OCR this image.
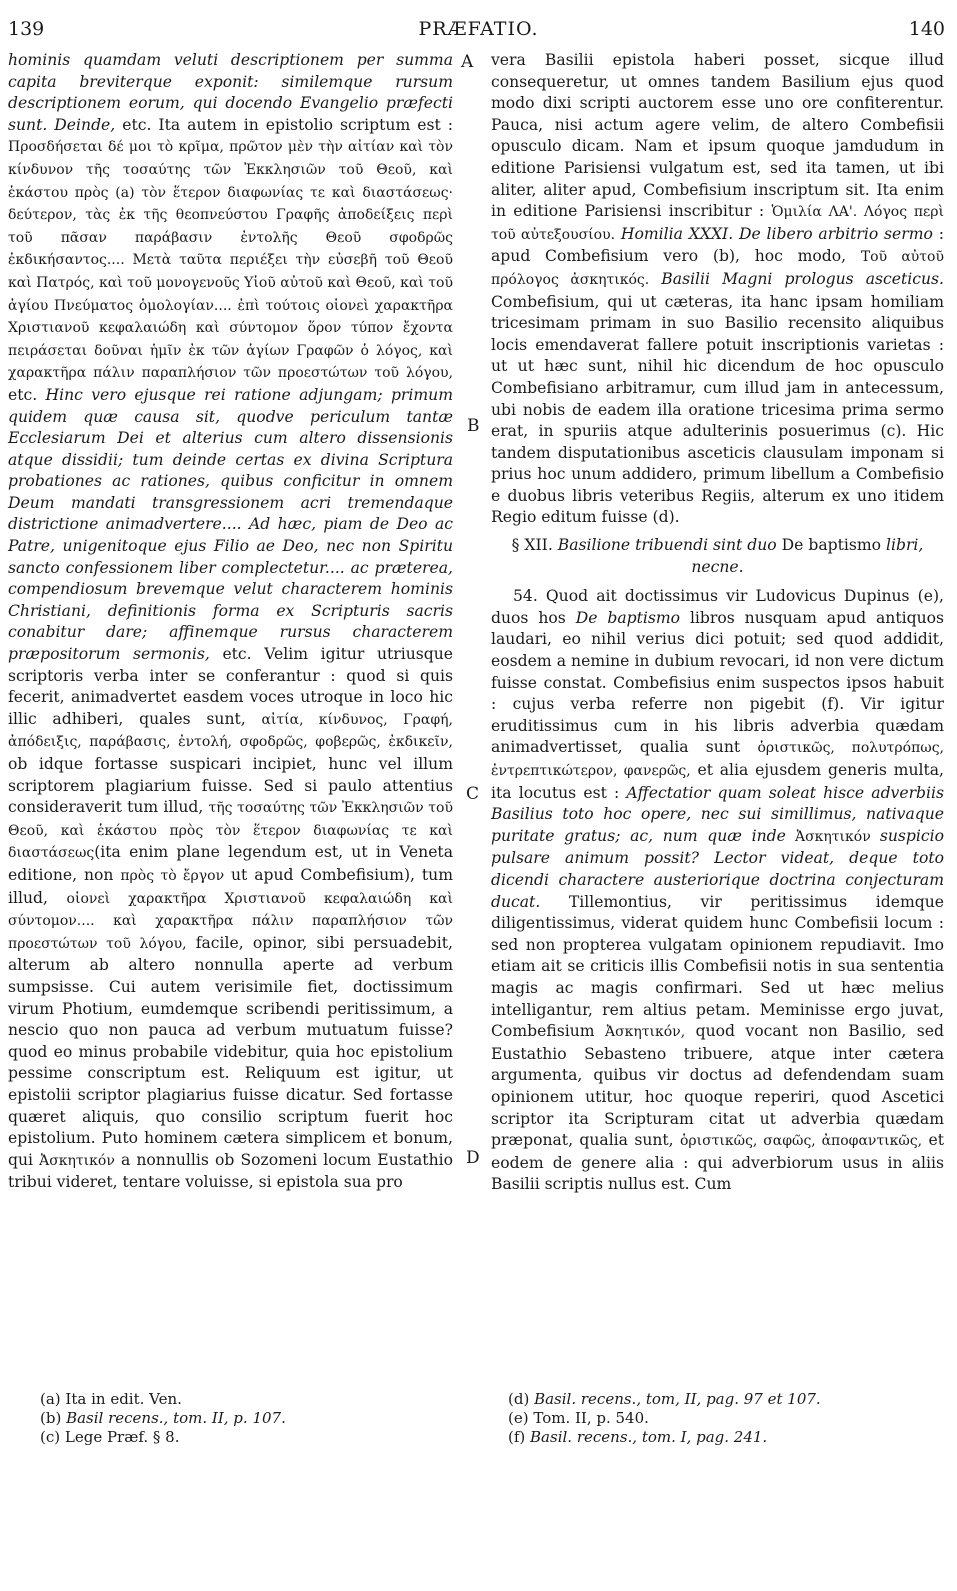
139	PRÆFATIO.	140
A
B
C
D

hominis quamdam veluti descriptionem per summa capita breviterque exponit: similemque rursum descriptionem eorum, qui docendo Evangelio præfecti sunt. Deinde, etc. Ita autem in epistolio scriptum est : Προσδήσεται δέ μοι τὸ κρῖμα, πρῶτον μὲν τὴν αἰτίαν καὶ τὸν κίνδυνον τῆς τοσαύτης τῶν Ἐκκλησιῶν τοῦ Θεοῦ, καὶ ἑκάστου πρὸς (a) τὸν ἕτερον διαφωνίας τε καὶ διαστάσεως· δεύτερον, τὰς ἐκ τῆς θεοπνεύστου Γραφῆς ἀποδείξεις περὶ τοῦ πᾶσαν παράβασιν ἐντολῆς Θεοῦ σφοδρῶς ἐκδικήσαντος.... Μετὰ ταῦτα περιέξει τὴν εὐσεβῆ τοῦ Θεοῦ καὶ Πατρός, καὶ τοῦ μονογενοῦς Υἱοῦ αὐτοῦ καὶ Θεοῦ, καὶ τοῦ ἁγίου Πνεύματος ὁμολογίαν.... ἐπὶ τούτοις οἱονεὶ χαρακτῆρα Χριστιανοῦ κεφαλαιώδη καὶ σύντομον ὅρον τύπον ἔχοντα πειράσεται δοῦναι ἡμῖν ἐκ τῶν ἁγίων Γραφῶν ὁ λόγος, καὶ χαρακτῆρα πάλιν παραπλήσιον τῶν προεστώτων τοῦ λόγου, etc. Hinc vero ejusque rei ratione adjungam; primum quidem quæ causa sit, quodve periculum tantæ Ecclesiarum Dei et alterius cum altero dissensionis atque dissidii; tum deinde certas ex divina Scriptura probationes ac rationes, quibus conficitur in omnem Deum mandati transgressionem acri tremendaque districtione animadvertere.... Ad hæc, piam de Deo ac Patre, unigenitoque ejus Filio ae Deo, nec non Spiritu sancto confessionem liber complectetur.... ac præterea, compendiosum brevemque velut characterem hominis Christiani, definitionis forma ex Scripturis sacris conabitur dare; affinemque rursus characterem præpositorum sermonis, etc. Velim igitur utriusque scriptoris verba inter se conferantur : quod si quis fecerit, animadvertet easdem voces utroque in loco hic illic adhiberi, quales sunt, αἰτία, κίνδυνος, Γραφή, ἀπόδειξις, παράβασις, ἐντολή, σφοδρῶς, φοβερῶς, ἐκδικεῖν, ob idque fortasse suspicari incipiet, hunc vel illum scriptorem plagiarium fuisse. Sed si paulo attentius consideraverit tum illud, τῆς τοσαύτης τῶν Ἐκκλησιῶν τοῦ Θεοῦ, καὶ ἑκάστου πρὸς τὸν ἕτερον διαφωνίας τε καὶ διαστάσεως(ita enim plane legendum est, ut in Veneta editione, non πρὸς τὸ ἔργον ut apud Combefisium), tum illud, οἱονεὶ χαρακτῆρα Χριστιανοῦ κεφαλαιώδη καὶ σύντομον.... καὶ χαρακτῆρα πάλιν παραπλήσιον τῶν προεστώτων τοῦ λόγου, facile, opinor, sibi persuadebit, alterum ab altero nonnulla aperte ad verbum sumpsisse. Cui autem verisimile fiet, doctissimum virum Photium, eumdemque scribendi peritissimum, a nescio quo non pauca ad verbum mutuatum fuisse? quod eo minus probabile videbitur, quia hoc epistolium pessime conscriptum est. Reliquum est igitur, ut epistolii scriptor plagiarius fuisse dicatur. Sed fortasse quæret aliquis, quo consilio scriptum fuerit hoc epistolium. Puto hominem cætera simplicem et bonum, qui Ἀσκητικόν a nonnullis ob Sozomeni locum Eustathio tribui videret, tentare voluisse, si epistola sua pro

vera Basilii epistola haberi posset, sicque illud consequeretur, ut omnes tandem Basilium ejus quod modo dixi scripti auctorem esse uno ore confiterentur. Pauca, nisi actum agere velim, de altero Combefisii opusculo dicam. Nam et ipsum quoque jamdudum in editione Parisiensi vulgatum est, sed ita tamen, ut ibi aliter, aliter apud, Combefisium inscriptum sit. Ita enim in editione Parisiensi inscribitur : Ὁμιλία ΛΑ'. Λόγος περὶ τοῦ αὐτεξουσίου. Homilia XXXI. De libero arbitrio sermo : apud Combefisium vero (b), hoc modo, Τοῦ αὐτοῦ πρόλογος ἀσκητικός. Basilii Magni prologus asceticus. Combefisium, qui ut cæteras, ita hanc ipsam homiliam tricesimam primam in suo Basilio recensito aliquibus locis emendaverat fallere potuit inscriptionis varietas : ut ut hæc sunt, nihil hic dicendum de hoc opusculo Combefisiano arbitramur, cum illud jam in antecessum, ubi nobis de eadem illa oratione tricesima prima sermo erat, in spuriis atque adulterinis posuerimus (c). Hic tandem disputationibus asceticis clausulam imponam si prius hoc unum addidero, primum libellum a Combefisio e duobus libris veteribus Regiis, alterum ex uno itidem Regio editum fuisse (d).

§ XII. Basilione tribuendi sint duo De baptismo libri, necne.

54. Quod ait doctissimus vir Ludovicus Dupinus (e), duos hos De baptismo libros nusquam apud antiquos laudari, eo nihil verius dici potuit; sed quod addidit, eosdem a nemine in dubium revocari, id non vere dictum fuisse constat. Combefisius enim suspectos ipsos habuit : cujus verba referre non pigebit (f). Vir igitur eruditissimus cum in his libris adverbia quædam animadvertisset, qualia sunt ὁριστικῶς, πολυτρόπως, ἐντρεπτικώτερον, φανερῶς, et alia ejusdem generis multa, ita locutus est : Affectatior quam soleat hisce adverbiis Basilius toto hoc opere, nec sui simillimus, nativaque puritate gratus; ac, num quæ inde Ἀσκητικόν suspicio pulsare animum possit? Lector videat, deque toto dicendi charactere austeriorique doctrina conjecturam ducat. Tillemontius, vir peritissimus idemque diligentissimus, viderat quidem hunc Combefisii locum : sed non propterea vulgatam opinionem repudiavit. Imo etiam ait se criticis illis Combefisii notis in sua sententia magis ac magis confirmari. Sed ut hæc melius intelligantur, rem altius petam. Meminisse ergo juvat, Combefisium Ἀσκητικόν, quod vocant non Basilio, sed Eustathio Sebasteno tribuere, atque inter cætera argumenta, quibus vir doctus ad defendendam suam opinionem utitur, hoc quoque reperiri, quod Ascetici scriptor ita Scripturam citat ut adverbia quædam præponat, qualia sunt, ὁριστικῶς, σαφῶς, ἀποφαντικῶς, et eodem de genere alia : qui adverbiorum usus in aliis Basilii scriptis nullus est. Cum

(a) Ita in edit. Ven.
(b) Basil recens., tom. II, p. 107.
(c) Lege Præf. § 8.
(d) Basil. recens., tom, II, pag. 97 et 107.
(e) Tom. II, p. 540.
(f) Basil. recens., tom. I, pag. 241.
